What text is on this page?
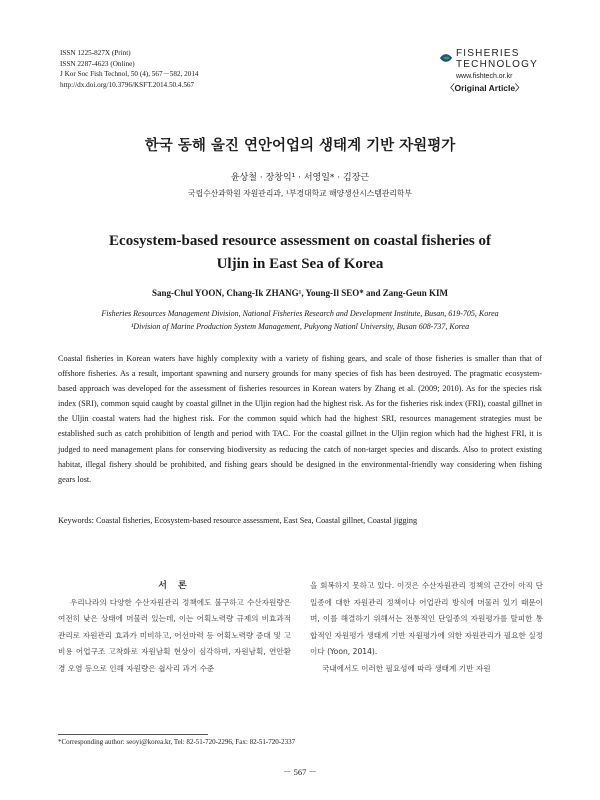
ISSN 1225-827X (Print)
ISSN 2287-4623 (Online)
J Kor Soc Fish Technol, 50 (4), 567－582, 2014
http://dx.doi.org/10.3796/KSFT.2014.50.4.567
FISHERIES
TECHNOLOGY
www.fishtech.or.kr
〈Original Article〉
한국 동해 울진 연안어업의 생태계 기반 자원평가
윤상철 · 장창익¹ · 서영일* · 김장근
국립수산과학원 자원관리과, ¹부경대학교 해양생산시스템관리학부
Ecosystem-based resource assessment on coastal fisheries of
Uljin in East Sea of Korea
Sang-Chul YOON, Chang-Ik ZHANG¹, Young-Il SEO* and Zang-Geun KIM
Fisheries Resources Management Division, National Fisheries Research and Development Institute, Busan, 619-705, Korea
¹Division of Marine Production System Management, Pukyong Nationl University, Busan 608-737, Korea
Coastal fisheries in Korean waters have highly complexity with a variety of fishing gears, and scale of those fisheries is smaller than that of offshore fisheries. As a result, important spawning and nursery grounds for many species of fish has been destroyed. The pragmatic ecosystem-based approach was developed for the assessment of fisheries resources in Korean waters by Zhang et al. (2009; 2010). As for the species risk index (SRI), common squid caught by coastal gillnet in the Uljin region had the highest risk. As for the fisheries risk index (FRI), coastal gillnet in the Uljin coastal waters had the highest risk. For the common squid which had the highest SRI, resources management strategies must be established such as catch prohibition of length and period with TAC. For the coastal gillnet in the Uljin region which had the highest FRI, it is judged to need management plans for conserving biodiversity as reducing the catch of non-target species and discards. Also to protect existing habitat, illegal fishery should be prohibited, and fishing gears should be designed in the environmental-friendly way considering when fishing gears lost.
Keywords: Coastal fisheries, Ecosystem-based resource assessment, East Sea, Coastal gillnet, Coastal jigging
서 론

우리나라의 다양한 수산자원관리 정책에도 불구하고 수산자원량은 여전히 낮은 상태에 머물러 있는데, 이는 어획노력량 규제의 비효과적 관리로 자원관리 효과가 미비하고, 어선마력 등 어획노력량 증대 및 고비용 어업구조 고착화로 자원남획 현상이 심각하며, 자원남획, 연안환경 오염 등으로 인해 자원량은 쉽사리 과거 수준

을 회복하지 못하고 있다. 이것은 수산자원관리 정책의 근간이 아직 단일종에 대한 자원관리 정책이나 어업관리 방식에 머물러 있기 때문이며, 이를 해결하기 위해서는 전통적인 단일종의 자원평가를 탈피한 통합적인 자원평가 생태계 기반 자원평가에 의한 자원관리가 필요한 실정이다 (Yoon, 2014).

국내에서도 이러한 필요성에 따라 생태계 기반 자원

*Corresponding author: seoyi@korea.kr, Tel: 82-51-720-2296, Fax: 82-51-720-2337
－ 567 －
